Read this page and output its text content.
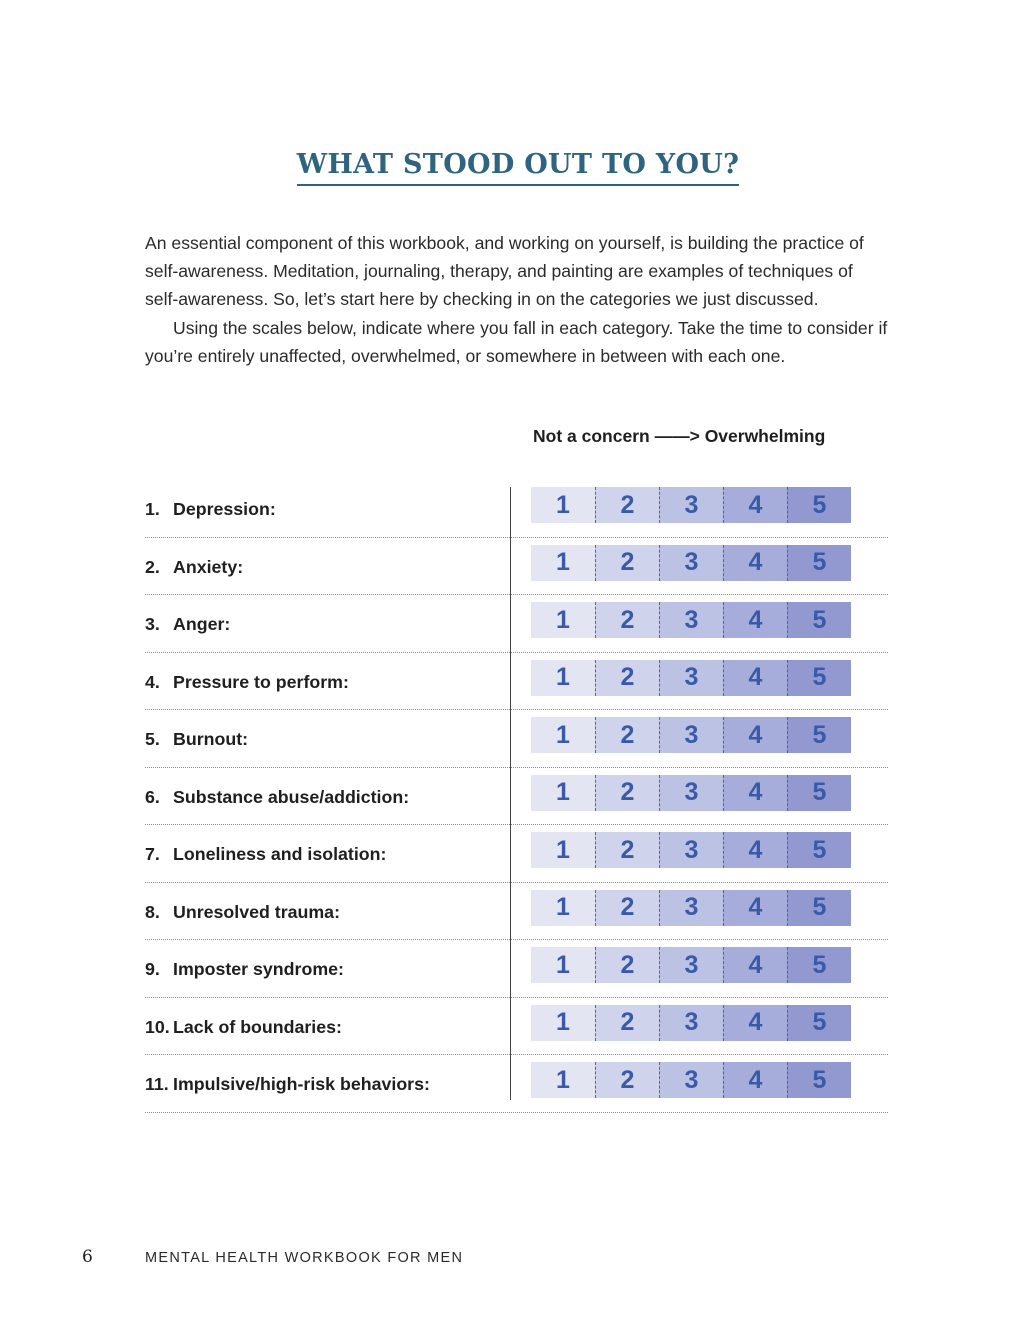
WHAT STOOD OUT TO YOU?

An essential component of this workbook, and working on yourself, is building the practice of self-awareness. Meditation, journaling, therapy, and painting are examples of techniques of self-awareness. So, let’s start here by checking in on the categories we just discussed.

Using the scales below, indicate where you fall in each category. Take the time to consider if you’re entirely unaffected, overwhelmed, or somewhere in between with each one.

Not a concern ——> Overwhelming
1. Depression:	1	2	3	4	5
2. Anxiety:	1	2	3	4	5
3. Anger:	1	2	3	4	5
4. Pressure to perform:	1	2	3	4	5
5. Burnout:	1	2	3	4	5
6. Substance abuse/addiction:	1	2	3	4	5
7. Loneliness and isolation:	1	2	3	4	5
8. Unresolved trauma:	1	2	3	4	5
9. Imposter syndrome:	1	2	3	4	5
10. Lack of boundaries:	1	2	3	4	5
11. Impulsive/high-risk behaviors:	1	2	3	4	5
6	MENTAL HEALTH WORKBOOK FOR MEN
